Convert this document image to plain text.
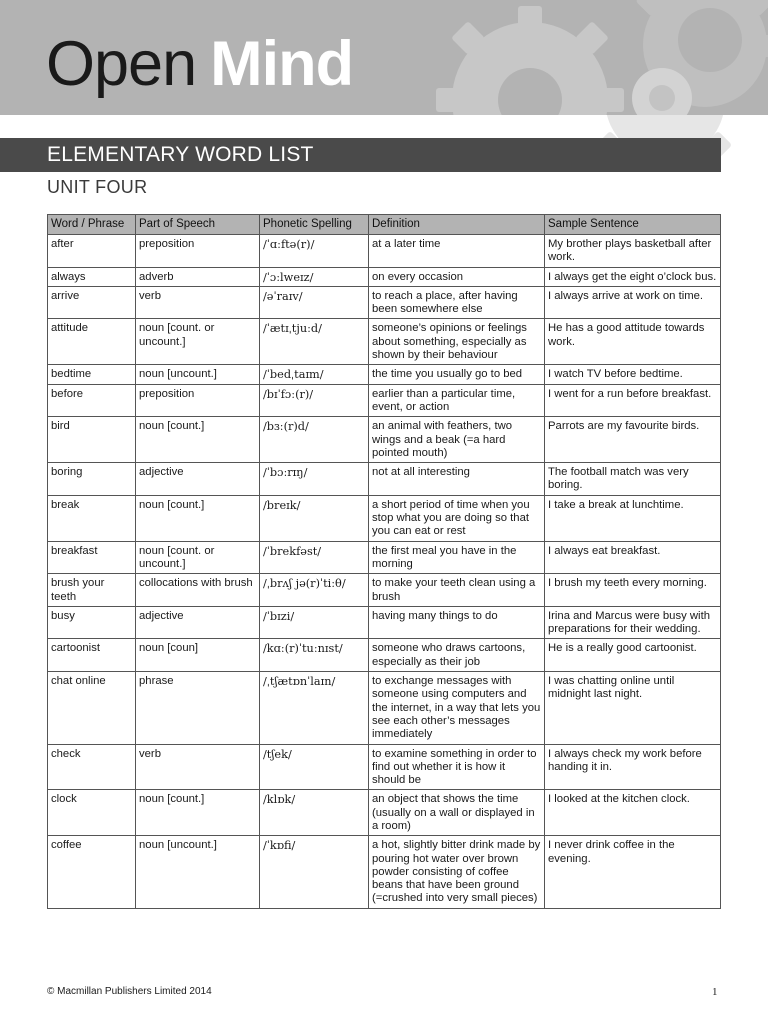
Open Mind
ELEMENTARY WORD LIST
UNIT FOUR
Word / Phrase	Part of Speech	Phonetic Spelling	Definition	Sample Sentence
after	preposition	/ˈɑːftə(r)/	at a later time	My brother plays basketball after work.
always	adverb	/ˈɔːlweɪz/	on every occasion	I always get the eight o’clock bus.
arrive	verb	/əˈraɪv/	to reach a place, after having been somewhere else	I always arrive at work on time.
attitude	noun [count. or uncount.]	/ˈætɪˌtjuːd/	someone’s opinions or feelings about something, especially as shown by their behaviour	He has a good attitude towards work.
bedtime	noun [uncount.]	/ˈbedˌtaɪm/	the time you usually go to bed	I watch TV before bedtime.
before	preposition	/bɪˈfɔː(r)/	earlier than a particular time, event, or action	I went for a run before breakfast.
bird	noun [count.]	/bɜː(r)d/	an animal with feathers, two wings and a beak (=a hard pointed mouth)	Parrots are my favourite birds.
boring	adjective	/ˈbɔːrɪŋ/	not at all interesting	The football match was very boring.
break	noun [count.]	/breɪk/	a short period of time when you stop what you are doing so that you can eat or rest	I take a break at lunchtime.
breakfast	noun [count. or uncount.]	/ˈbrekfəst/	the first meal you have in the morning	I always eat breakfast.
brush your teeth	collocations with brush	/ˌbrʌʃ jə(r)ˈtiːθ/	to make your teeth clean using a brush	I brush my teeth every morning.
busy	adjective	/ˈbɪzi/	having many things to do	Irina and Marcus were busy with preparations for their wedding.
cartoonist	noun [coun]	/kɑː(r)ˈtuːnɪst/	someone who draws cartoons, especially as their job	He is a really good cartoonist.
chat online	phrase	/ˌtʃætɒnˈlaɪn/	to exchange messages with someone using computers and the internet, in a way that lets you see each other’s messages immediately	I was chatting online until midnight last night.
check	verb	/tʃek/	to examine something in order to find out whether it is how it should be	I always check my work before handing it in.
clock	noun [count.]	/klɒk/	an object that shows the time (usually on a wall or displayed in a room)	I looked at the kitchen clock.
coffee	noun [uncount.]	/ˈkɒfi/	a hot, slightly bitter drink made by pouring hot water over brown powder consisting of coffee beans that have been ground (=crushed into very small pieces)	I never drink coffee in the evening.
© Macmillan Publishers Limited 2014	1
